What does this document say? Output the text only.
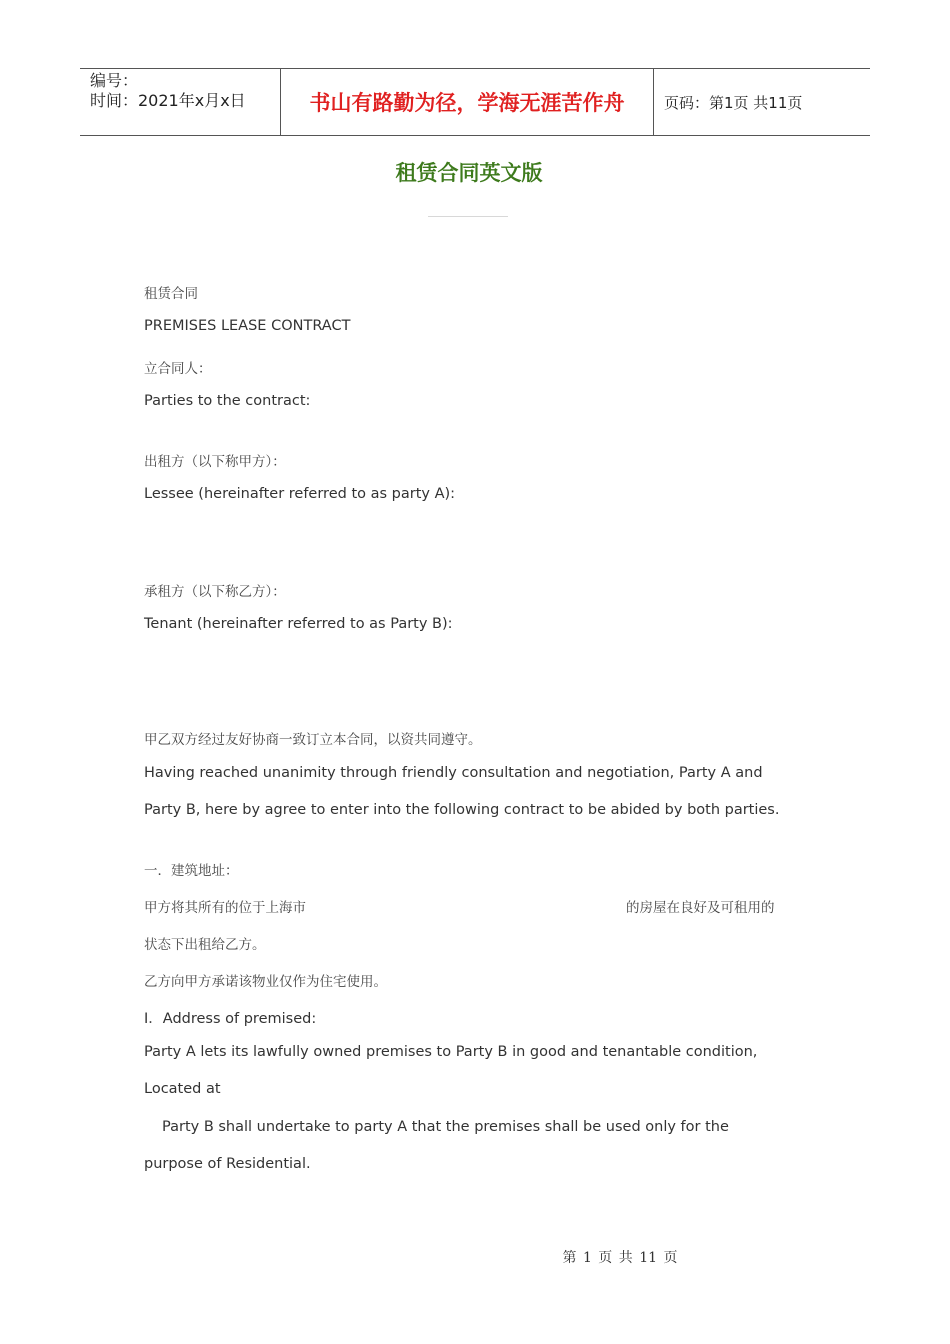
编号：
时间：2021年x月x日	书山有路勤为径，学海无涯苦作舟	页码：第1页 共11页
租赁合同英文版
租赁合同
PREMISES LEASE CONTRACT
立合同人：
Parties to the contract:
出租方（以下称甲方）：
Lessee (hereinafter referred to as party A):
承租方（以下称乙方）：
Tenant (hereinafter referred to as Party B):
甲乙双方经过友好协商一致订立本合同，以资共同遵守。
Having reached unanimity through friendly consultation and negotiation, Party A and
Party B, here by agree to enter into the following contract to be abided by both parties.
一．建筑地址：
甲方将其所有的位于上海市	的房屋在良好及可租用的
状态下出租给乙方。
乙方向甲方承诺该物业仅作为住宅使用。
Ⅰ．Address of premised:
Party A lets its lawfully owned premises to Party B in good and tenantable condition,
Located at
Party B shall undertake to party A that the premises shall be used only for the
purpose of Residential.
第 1 页 共 11 页
